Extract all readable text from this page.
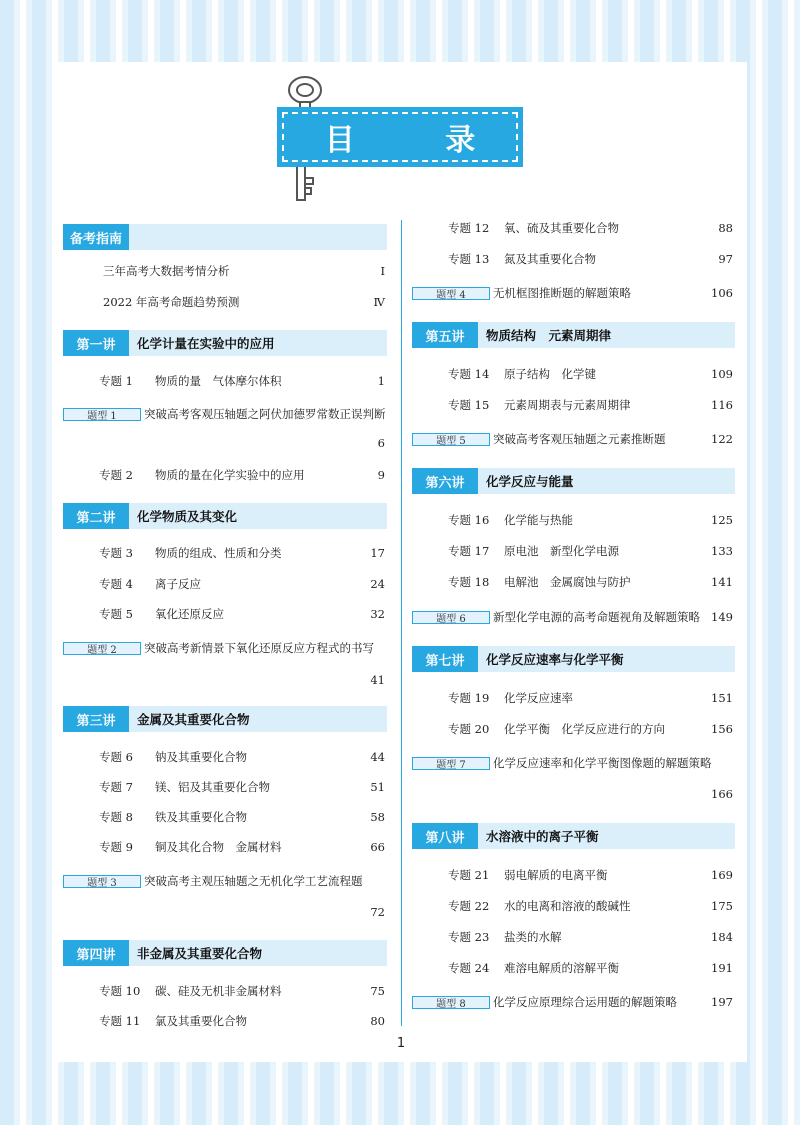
目 录
备考指南
三年高考大数据考情分析	Ⅰ
2022 年高考命题趋势预测	Ⅳ
第一讲	化学计量在实验中的应用
专题 1	物质的量　气体摩尔体积	1
题型 1	突破高考客观压轴题之阿伏加德罗常数正误判断
6
专题 2	物质的量在化学实验中的应用	9
第二讲	化学物质及其变化
专题 3	物质的组成、性质和分类	17
专题 4	离子反应	24
专题 5	氧化还原反应	32
题型 2	突破高考新情景下氧化还原反应方程式的书写
41
第三讲	金属及其重要化合物
专题 6	钠及其重要化合物	44
专题 7	镁、铝及其重要化合物	51
专题 8	铁及其重要化合物	58
专题 9	铜及其化合物　金属材料	66
题型 3	突破高考主观压轴题之无机化学工艺流程题
72
第四讲	非金属及其重要化合物
专题 10	碳、硅及无机非金属材料	75
专题 11	氯及其重要化合物	80
专题 12	氧、硫及其重要化合物	88
专题 13	氮及其重要化合物	97
题型 4	无机框图推断题的解题策略	106
第五讲	物质结构　元素周期律
专题 14	原子结构　化学键	109
专题 15	元素周期表与元素周期律	116
题型 5	突破高考客观压轴题之元素推断题	122
第六讲	化学反应与能量
专题 16	化学能与热能	125
专题 17	原电池　新型化学电源	133
专题 18	电解池　金属腐蚀与防护	141
题型 6	新型化学电源的高考命题视角及解题策略 149
第七讲	化学反应速率与化学平衡
专题 19	化学反应速率	151
专题 20	化学平衡　化学反应进行的方向	156
题型 7	化学反应速率和化学平衡图像题的解题策略
166
第八讲	水溶液中的离子平衡
专题 21	弱电解质的电离平衡	169
专题 22	水的电离和溶液的酸碱性	175
专题 23	盐类的水解	184
专题 24	难溶电解质的溶解平衡	191
题型 8	化学反应原理综合运用题的解题策略	197
1
